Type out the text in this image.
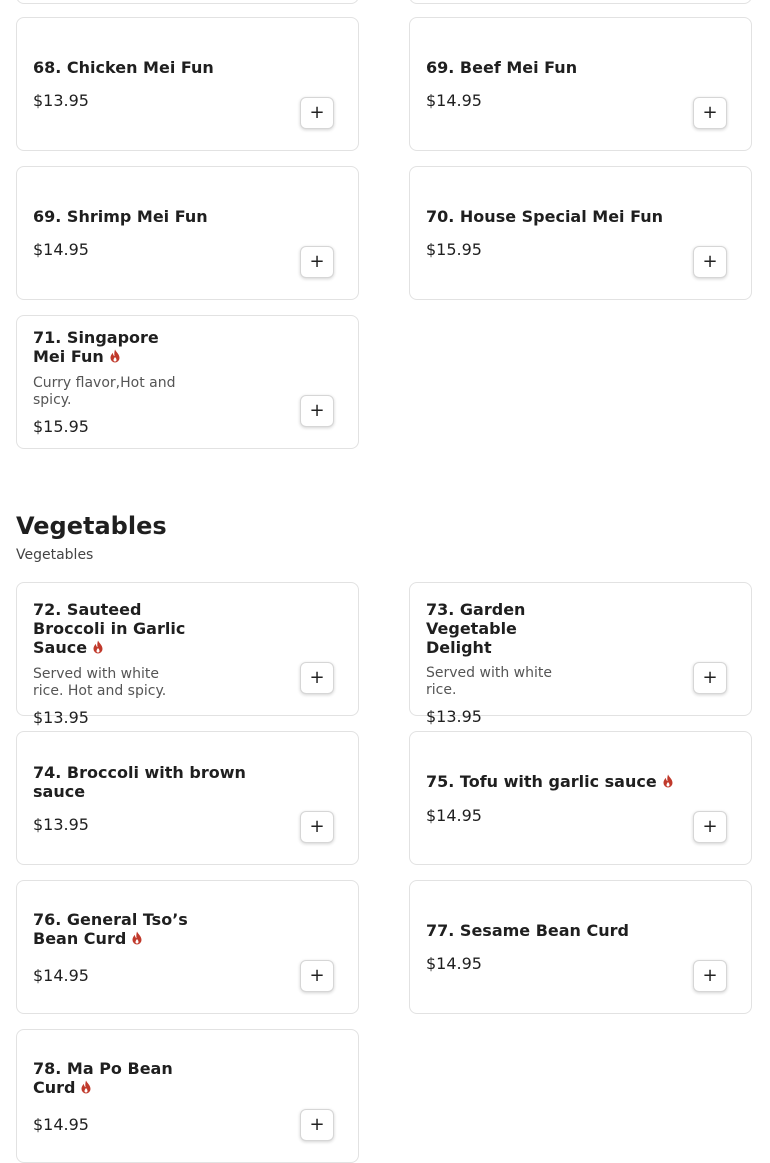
68. Chicken Mei Fun
$13.95
+
69. Beef Mei Fun
$14.95
+
69. Shrimp Mei Fun
$14.95
+
70. House Special Mei Fun
$15.95
+
71. Singapore Mei Fun
Curry flavor,Hot and spicy.
$15.95
+
Vegetables
Vegetables
72. Sauteed Broccoli in Garlic Sauce
Served with white rice. Hot and spicy.
$13.95
+
73. Garden Vegetable Delight
Served with white rice.
$13.95
+
74. Broccoli with brown sauce
$13.95	+
75. Tofu with garlic sauce
$14.95
+
76. General Tso’s Bean Curd
$14.95	+
77. Sesame Bean Curd
$14.95
+
78. Ma Po Bean Curd
$14.95	+
